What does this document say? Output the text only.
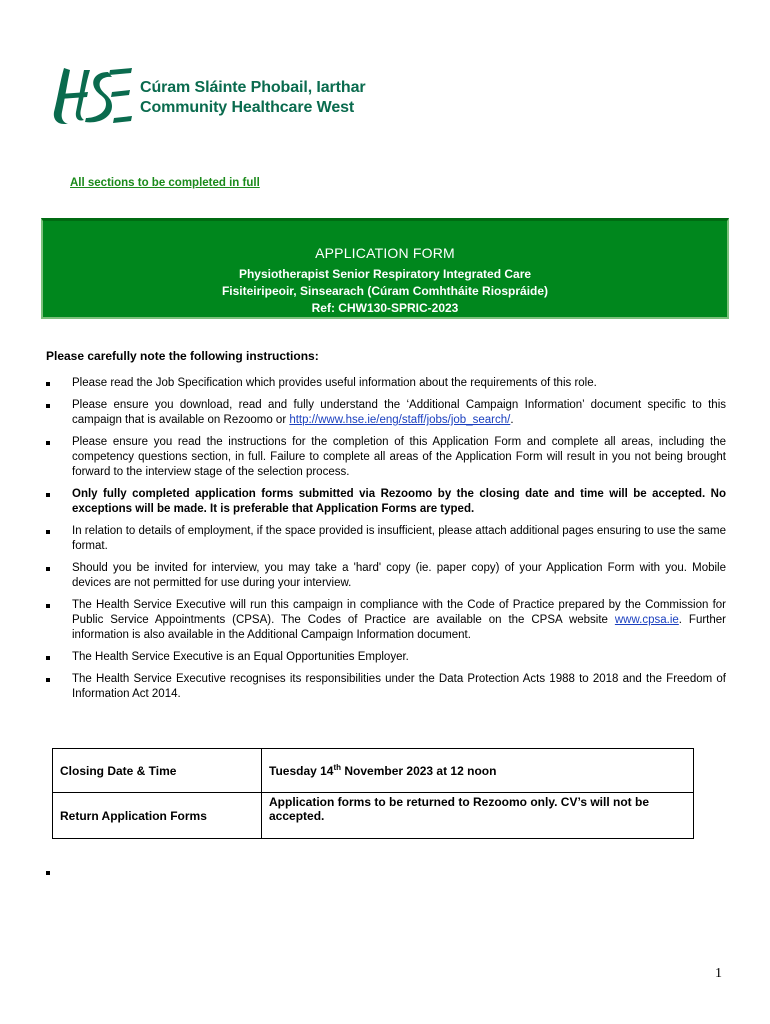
Cúram Sláinte Phobail, Iarthar
Community Healthcare West
All sections to be completed in full
APPLICATION FORM
Physiotherapist Senior Respiratory Integrated Care
Fisiteiripeoir, Sinsearach (Cúram Comhtháite Riospráide)
Ref: CHW130-SPRIC-2023
Please carefully note the following instructions:
Please read the Job Specification which provides useful information about the requirements of this role.
Please ensure you download, read and fully understand the ‘Additional Campaign Information’ document specific to this campaign that is available on Rezoomo or http://www.hse.ie/eng/staff/jobs/job_search/.
Please ensure you read the instructions for the completion of this Application Form and complete all areas, including the competency questions section, in full. Failure to complete all areas of the Application Form will result in you not being brought forward to the interview stage of the selection process.
Only fully completed application forms submitted via Rezoomo by the closing date and time will be accepted. No exceptions will be made. It is preferable that Application Forms are typed.
In relation to details of employment, if the space provided is insufficient, please attach additional pages ensuring to use the same format.
Should you be invited for interview, you may take a 'hard' copy (ie. paper copy) of your Application Form with you. Mobile devices are not permitted for use during your interview.
The Health Service Executive will run this campaign in compliance with the Code of Practice prepared by the Commission for Public Service Appointments (CPSA). The Codes of Practice are available on the CPSA website www.cpsa.ie. Further information is also available in the Additional Campaign Information document.
The Health Service Executive is an Equal Opportunities Employer.
The Health Service Executive recognises its responsibilities under the Data Protection Acts 1988 to 2018 and the Freedom of Information Act 2014.
Closing Date & Time	Tuesday 14th November 2023 at 12 noon
Return Application Forms	Application forms to be returned to Rezoomo only. CV’s will not be accepted.
1
